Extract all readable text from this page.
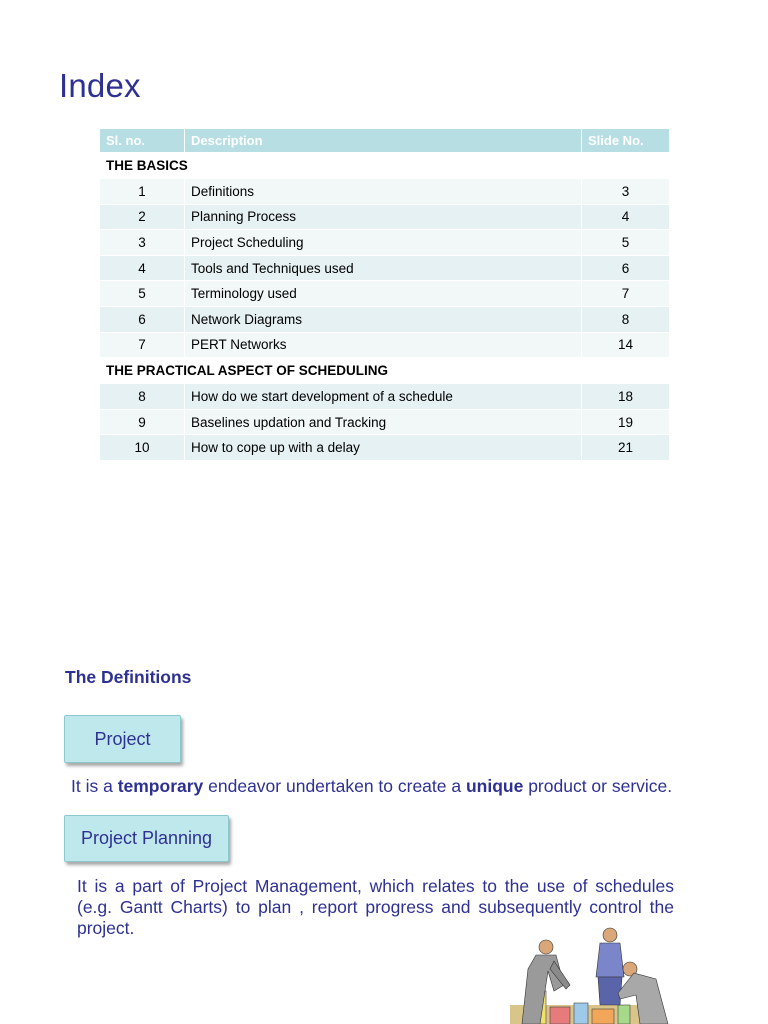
Index
Sl. no.	Description	Slide No.
THE BASICS		
1	Definitions	3
2	Planning Process	4
3	Project Scheduling	5
4	Tools and Techniques used	6
5	Terminology used	7
6	Network Diagrams	8
7	PERT Networks	14
THE PRACTICAL ASPECT OF SCHEDULING		
8	How do we start development of a schedule	18
9	Baselines updation and Tracking	19
10	How to cope up with a delay	21
The Definitions
Project

It is a temporary endeavor undertaken to create a unique product or service.

Project Planning

It is a part of Project Management, which relates to the use of schedules (e.g. Gantt Charts) to plan , report progress and subsequently control the project.
